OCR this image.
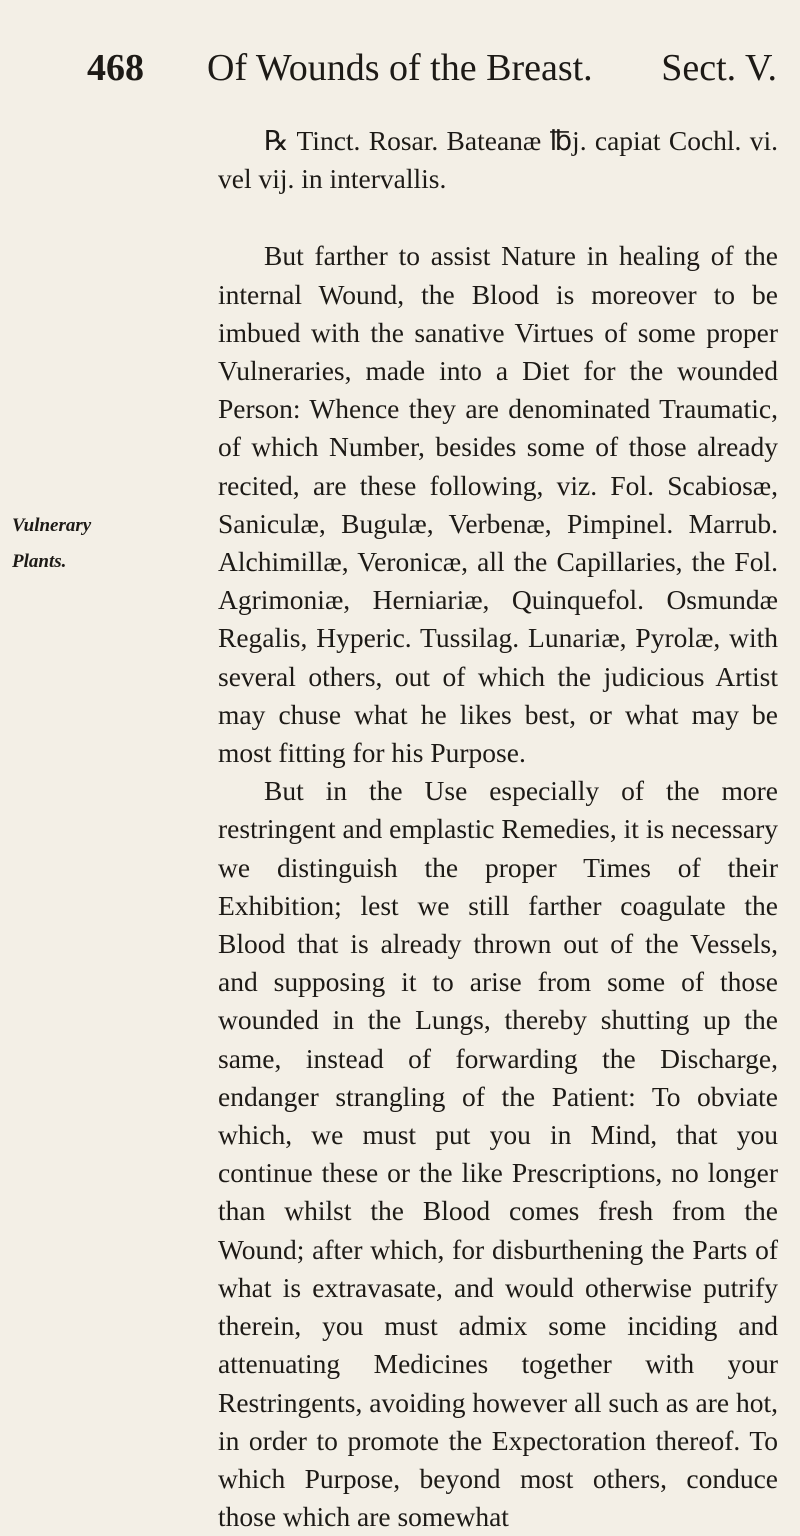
468 Of Wounds of the Breast. Sect. V.
Vulnerary
Plants.

℞ Tinct. Rosar. Bateanæ ℔j. capiat Cochl. vi. vel vij. in intervallis.

But farther to assist Nature in healing of the internal Wound, the Blood is moreover to be imbued with the sanative Virtues of some proper Vulneraries, made into a Diet for the wounded Person: Whence they are denominated Traumatic, of which Number, besides some of those already recited, are these following, viz. Fol. Scabiosæ, Saniculæ, Bugulæ, Verbenæ, Pimpinel. Marrub. Alchimillæ, Veronicæ, all the Capillaries, the Fol. Agrimoniæ, Herniariæ, Quinquefol. Osmundæ Regalis, Hyperic. Tussilag. Lunariæ, Pyrolæ, with several others, out of which the judicious Artist may chuse what he likes best, or what may be most fitting for his Purpose.

But in the Use especially of the more restringent and emplastic Remedies, it is necessary we distinguish the proper Times of their Exhibition; lest we still farther coagulate the Blood that is already thrown out of the Vessels, and supposing it to arise from some of those wounded in the Lungs, thereby shutting up the same, instead of forwarding the Discharge, endanger strangling of the Patient: To obviate which, we must put you in Mind, that you continue these or the like Prescriptions, no longer than whilst the Blood comes fresh from the Wound; after which, for disburthening the Parts of what is extravasate, and would otherwise putrify therein, you must admix some inciding and attenuating Medicines together with your Restringents, avoiding however all such as are hot, in order to promote the Expectoration thereof. To which Purpose, beyond most others, conduce those which are somewhat
